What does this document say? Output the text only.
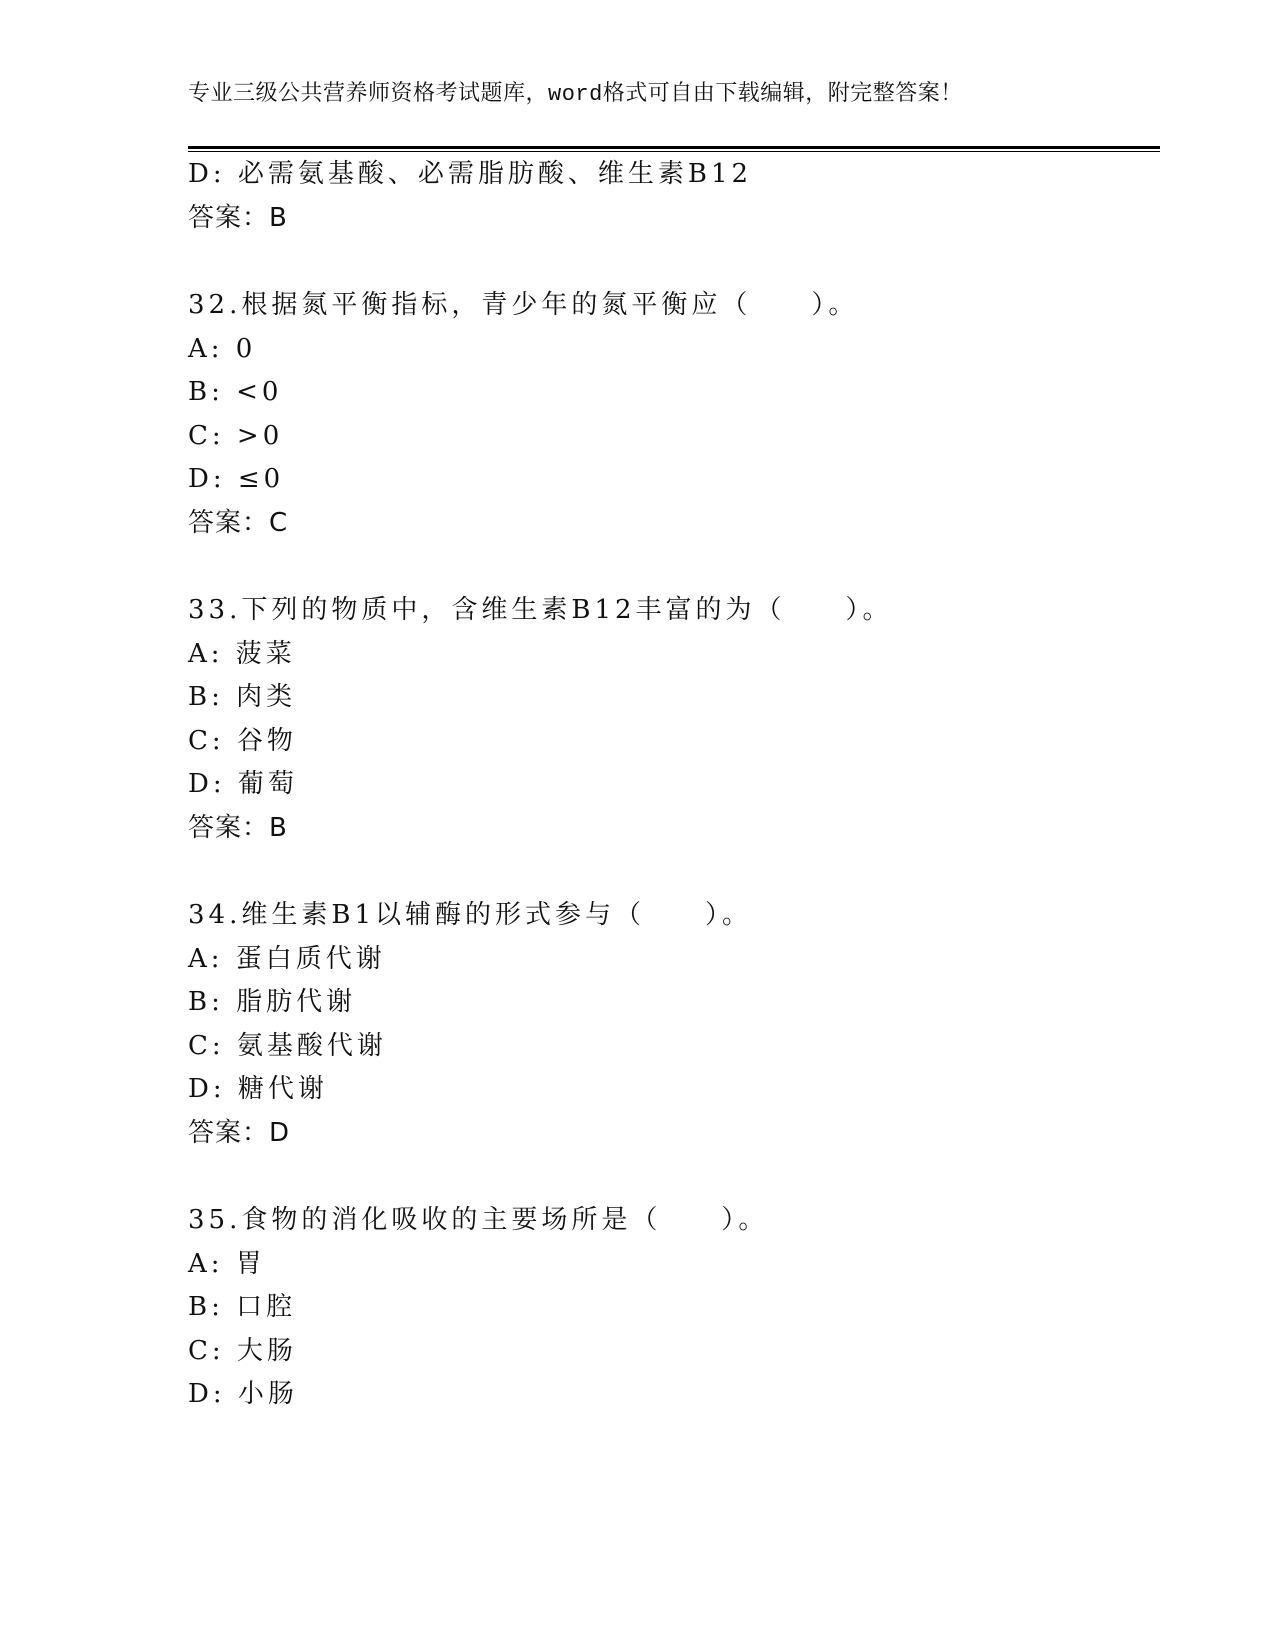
专业三级公共营养师资格考试题库，word格式可自由下载编辑，附完整答案！
D: 必需氨基酸、必需脂肪酸、维生素B12
答案：B
32.根据氮平衡指标，青少年的氮平衡应（　　）。
A: 0
B: <0
C: >0
D: ≤0
答案：C
33.下列的物质中，含维生素B12丰富的为（　　）。
A: 菠菜
B: 肉类
C: 谷物
D: 葡萄
答案：B
34.维生素B1以辅酶的形式参与（　　）。
A: 蛋白质代谢
B: 脂肪代谢
C: 氨基酸代谢
D: 糖代谢
答案：D
35.食物的消化吸收的主要场所是（　　）。
A: 胃
B: 口腔
C: 大肠
D: 小肠
